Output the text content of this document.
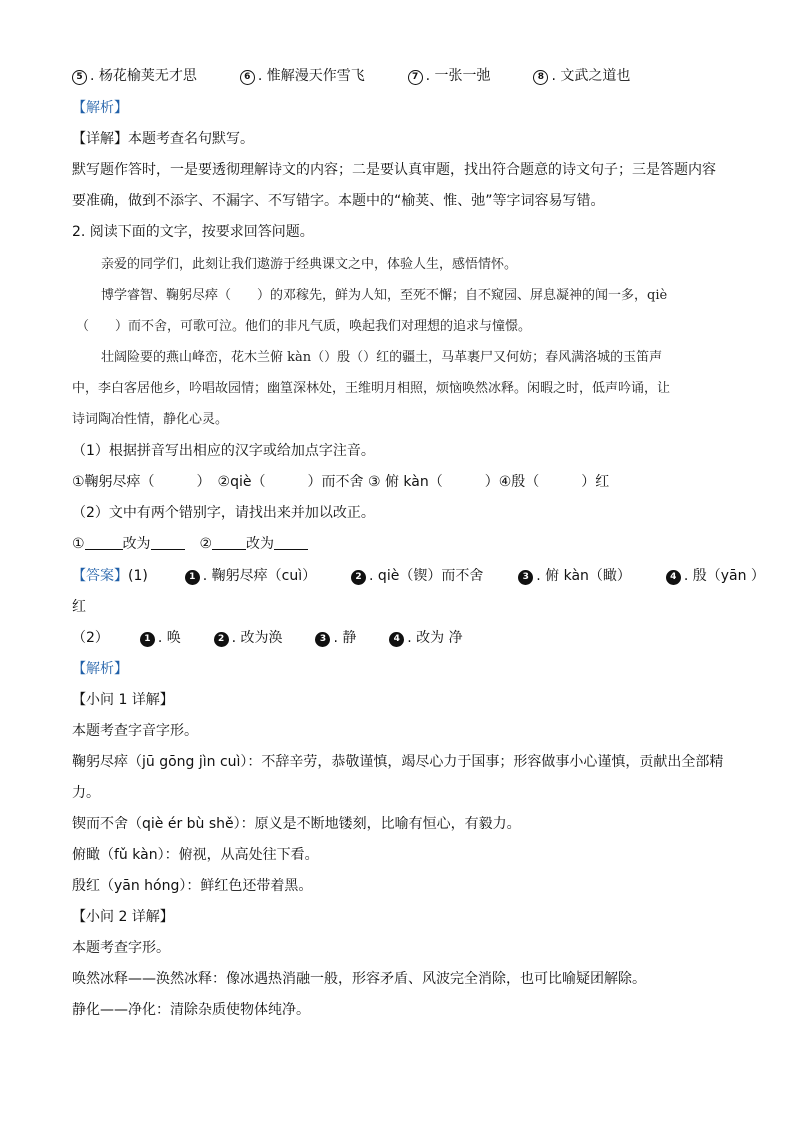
5 . 杨花榆荚无才思	6 . 惟解漫天作雪飞	7 . 一张一弛	8 . 文武之道也
【解析】
【详解】本题考查名句默写。
默写题作答时，一是要透彻理解诗文的内容；二是要认真审题，找出符合题意的诗文句子；三是答题内容
要准确，做到不添字、不漏字、不写错字。本题中的“榆荚、惟、弛”等字词容易写错。
2. 阅读下面的文字，按要求回答问题。
亲爱的同学们，此刻让我们遨游于经典课文之中，体验人生，感悟情怀。
博学睿智、鞠躬尽瘁（　　）的邓稼先，鲜为人知，至死不懈；自不窥园、屏息凝神的闻一多，qiè
（　　）而不舍，可歌可泣。他们的非凡气质，唤起我们对理想的追求与憧憬。
壮阔险要的燕山峰峦，花木兰俯 kàn（）殷（）红的疆土，马革裹尸又何妨；春风满洛城的玉笛声
中，李白客居他乡，吟唱故园情；幽篁深林处，王维明月相照，烦恼唤然冰释。闲暇之时，低声吟诵，让
诗词陶冶性情，静化心灵。
（1）根据拼音写出相应的汉字或给加点字注音。
①鞠躬尽瘁（　　　）　②qiè（　　　）而不舍 ③ 俯 kàn（　　　）④殷（　　　）红
（2）文中有两个错别字，请找出来并加以改正。
①	改为	② 改为
【答案】(1)	1 . 鞠躬尽瘁（cuì）	2 . qiè（锲）而不舍	3 . 俯 kàn（瞰）	4 . 殷（yān ）
红
（2）	1 . 唤	2 . 改为涣	3 . 静	4 . 改为 净
【解析】
【小问 1 详解】
本题考查字音字形。
鞠躬尽瘁（jū gōng jìn cuì）：不辞辛劳，恭敬谨慎，竭尽心力于国事；形容做事小心谨慎，贡献出全部精
力。
锲而不舍（qiè ér bù shě）：原义是不断地镂刻，比喻有恒心，有毅力。
俯瞰（fǔ kàn）：俯视，从高处往下看。
殷红（yān hóng）：鲜红色还带着黑。
【小问 2 详解】
本题考查字形。
唤然冰释——涣然冰释：像冰遇热消融一般，形容矛盾、风波完全消除，也可比喻疑团解除。
静化——净化：清除杂质使物体纯净。
